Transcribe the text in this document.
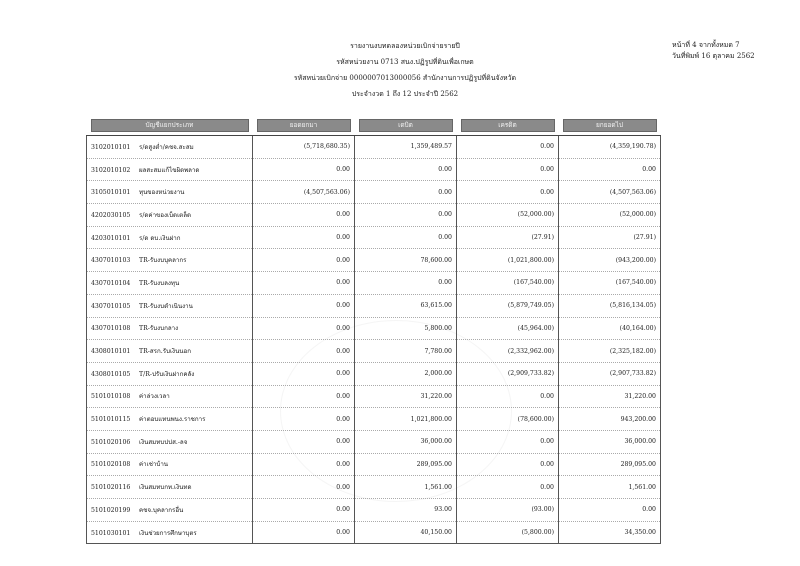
รายงานงบทดลองหน่วยเบิกจ่ายรายปี
รหัสหน่วยงาน 0713 สนง.ปฏิรูปที่ดินเพื่อเกษต
รหัสหน่วยเบิกจ่าย 0000007013000056 สำนักงานการปฏิรูปที่ดินจังหวัด
ประจำงวด 1 ถึง 12 ประจำปี 2562
หน้าที่ 4 จากทั้งหมด 7
วันที่พิมพ์ 16 ตุลาคม 2562
บัญชีแยกประเภท	ยอดยกมา	เดบิต	เครดิต	ยกยอดไป

3102010101 ร/ดสูงต่ำ/คชจ.สะสม	(5,718,680.35)	1,359,489.57	0.00	(4,359,190.78)
3102010102 ผลสะสมแก้ไขผิดพลาด	0.00	0.00	0.00	0.00
3105010101 ทุนของหน่วยงาน	(4,507,563.06)	0.00	0.00	(4,507,563.06)
4202030105 ร/ดค่าของเบ็ดเตล็ด	0.00	0.00	(52,000.00)	(52,000.00)
4203010101 ร/ด ดบ.เงินฝาก	0.00	0.00	(27.91)	(27.91)
4307010103 TR-รับงบบุคลากร	0.00	78,600.00	(1,021,800.00)	(943,200.00)
4307010104 TR-รับงบลงทุน	0.00	0.00	(167,540.00)	(167,540.00)
4307010105 TR-รับงบดำเนินงาน	0.00	63,615.00	(5,879,749.05)	(5,816,134.05)
4307010108 TR-รับงบกลาง	0.00	5,800.00	(45,964.00)	(40,164.00)
4308010101 TR-สรก.รับเงินนอก	0.00	7,780.00	(2,332,962.00)	(2,325,182.00)
4308010105 T/R-ปรับเงินฝากคลัง	0.00	2,000.00	(2,909,733.82)	(2,907,733.82)
5101010108 ค่าล่วงเวลา	0.00	31,220.00	0.00	31,220.00
5101010115 ค่าตอบแทนพนง.ราชการ	0.00	1,021,800.00	(78,600.00)	943,200.00
5101020106 เงินสมทบปปส.-ลจ	0.00	36,000.00	0.00	36,000.00
5101020108 ค่าเช่าบ้าน	0.00	289,095.00	0.00	289,095.00
5101020116 เงินสมทบกท.เงินทด	0.00	1,561.00	0.00	1,561.00
5101020199 คชจ.บุคลากรอื่น	0.00	93.00	(93.00)	0.00
5101030101 เงินช่วยการศึกษาบุตร	0.00	40,150.00	(5,800.00)	34,350.00
